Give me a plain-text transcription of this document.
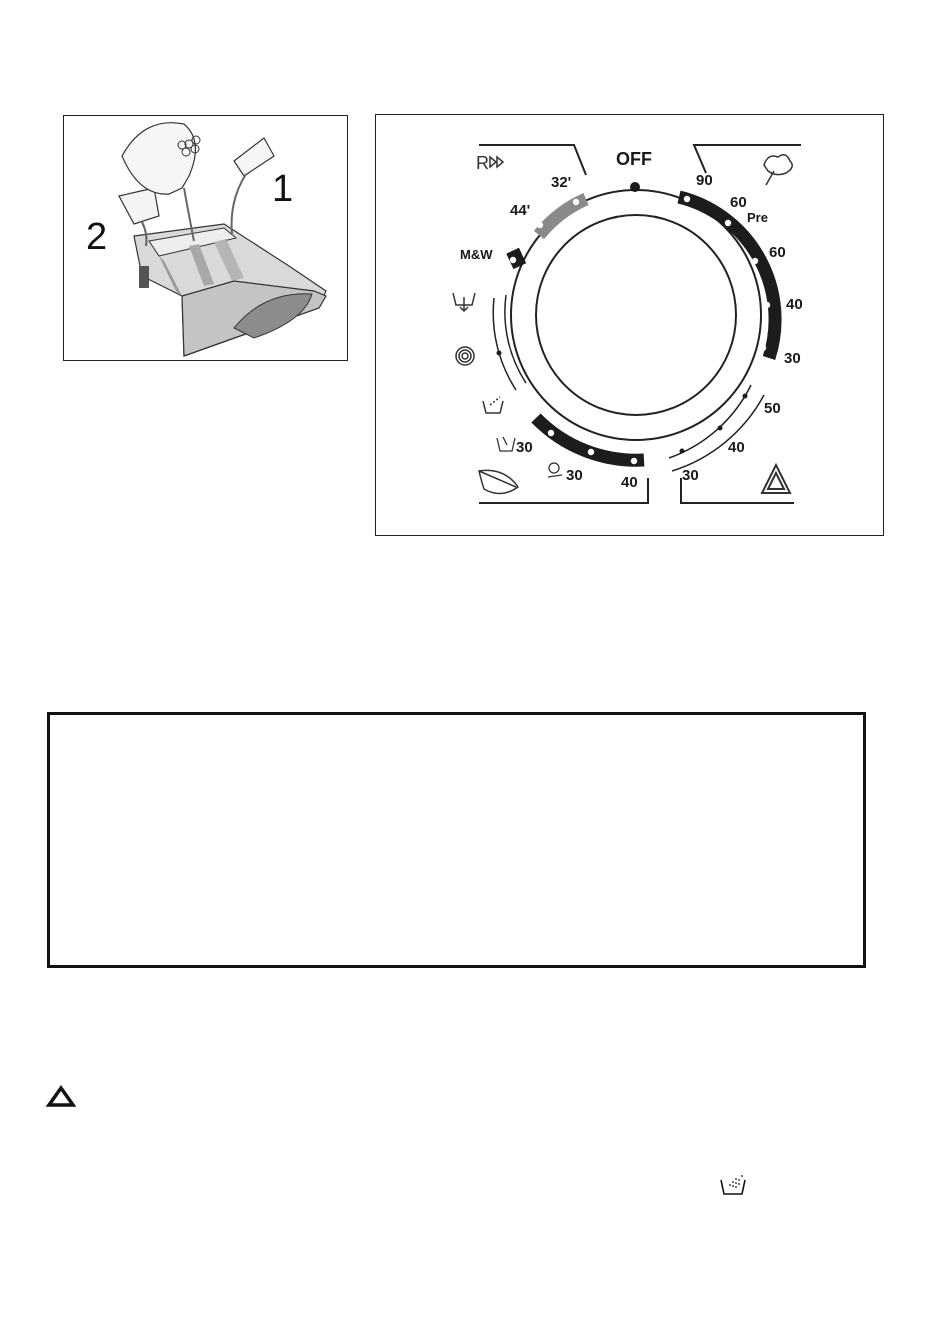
1
2
OFF
32'
44'
M&W
90
60
Pre
60
40
30
50
40
30
30
30	40
R
